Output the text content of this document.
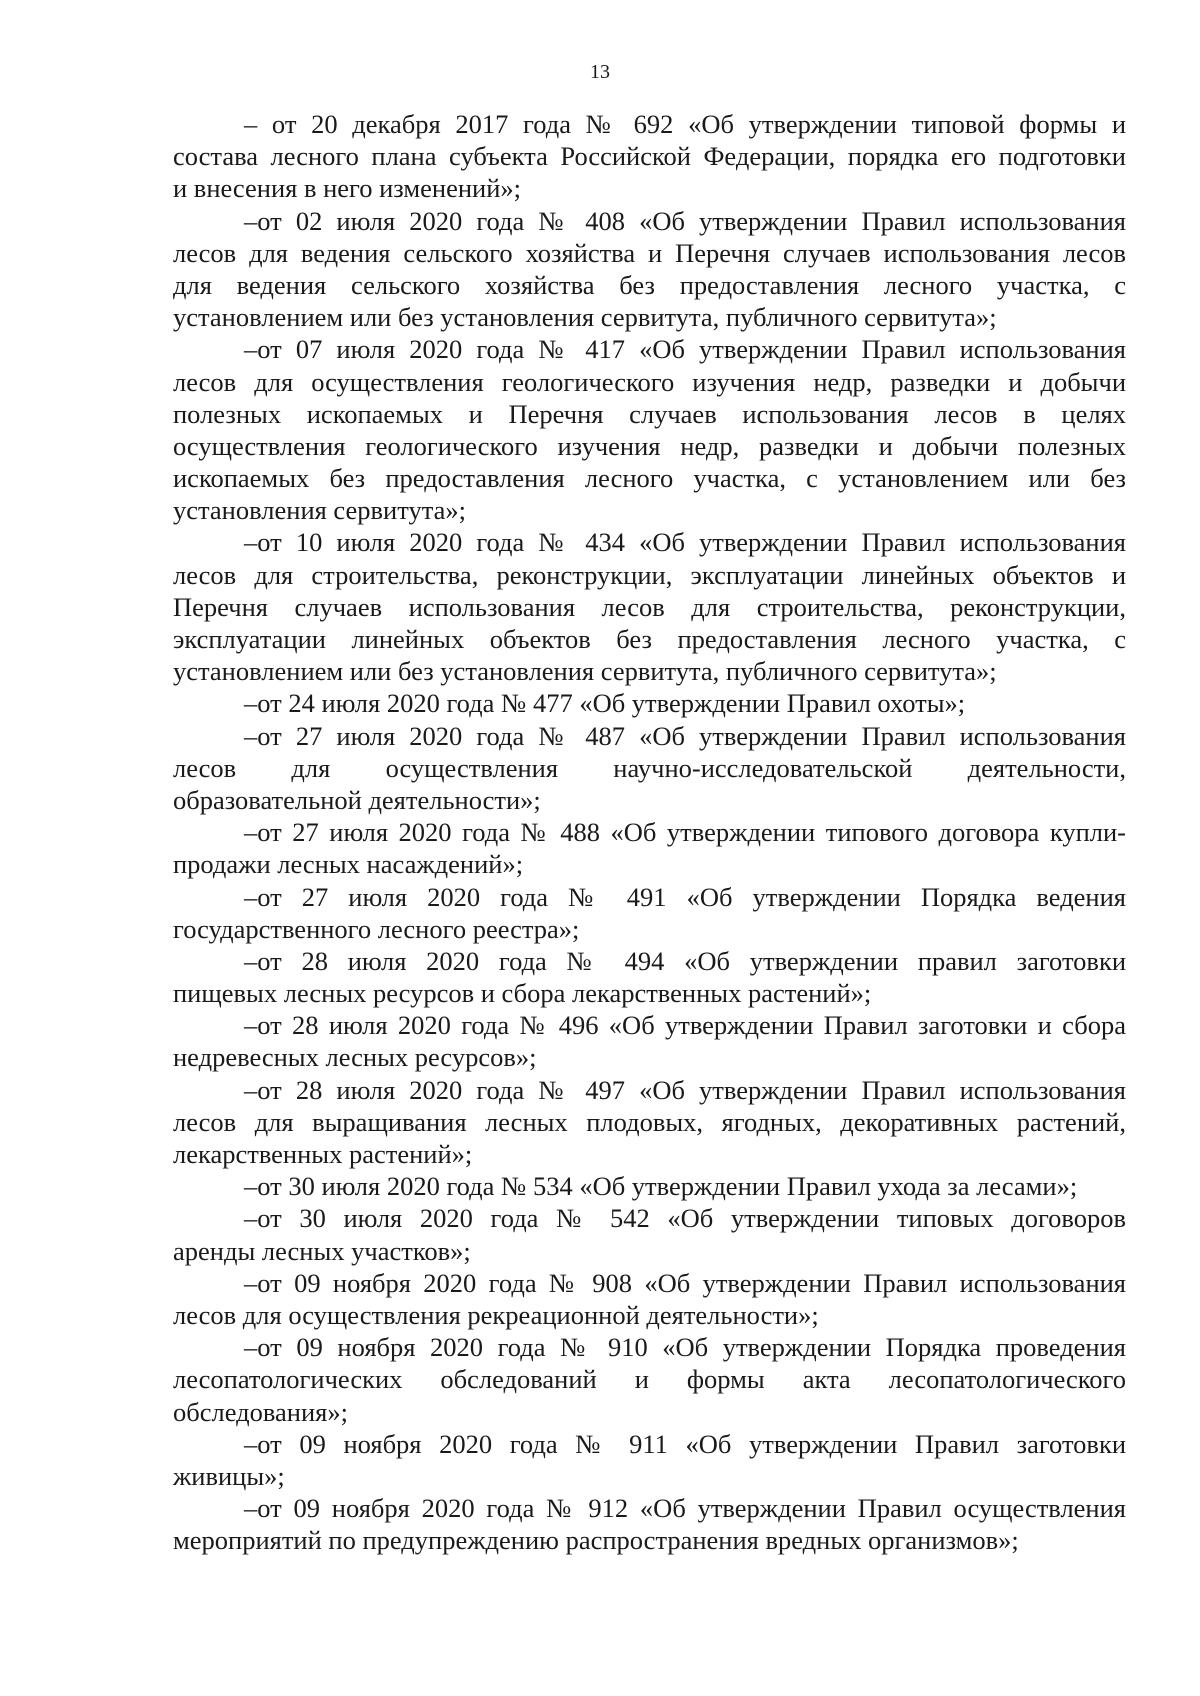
13
– от 20 декабря 2017 года № 692 «Об утверждении типовой формы и
состава лесного плана субъекта Российской Федерации, порядка его подготовки
и внесения в него изменений»;
–от 02 июля 2020 года № 408 «Об утверждении Правил использования
лесов для ведения сельского хозяйства и Перечня случаев использования лесов
для ведения сельского хозяйства без предоставления лесного участка, с
установлением или без установления сервитута, публичного сервитута»;
–от 07 июля 2020 года № 417 «Об утверждении Правил использования
лесов для осуществления геологического изучения недр, разведки и добычи
полезных ископаемых и Перечня случаев использования лесов в целях
осуществления геологического изучения недр, разведки и добычи полезных
ископаемых без предоставления лесного участка, с установлением или без
установления сервитута»;
–от 10 июля 2020 года № 434 «Об утверждении Правил использования
лесов для строительства, реконструкции, эксплуатации линейных объектов и
Перечня случаев использования лесов для строительства, реконструкции,
эксплуатации линейных объектов без предоставления лесного участка, с
установлением или без установления сервитута, публичного сервитута»;
–от 24 июля 2020 года № 477 «Об утверждении Правил охоты»;
–от 27 июля 2020 года № 487 «Об утверждении Правил использования
лесов для осуществления научно-исследовательской деятельности,
образовательной деятельности»;
–от 27 июля 2020 года № 488 «Об утверждении типового договора купли-
продажи лесных насаждений»;
–от 27 июля 2020 года № 491 «Об утверждении Порядка ведения
государственного лесного реестра»;
–от 28 июля 2020 года № 494 «Об утверждении правил заготовки
пищевых лесных ресурсов и сбора лекарственных растений»;
–от 28 июля 2020 года № 496 «Об утверждении Правил заготовки и сбора
недревесных лесных ресурсов»;
–от 28 июля 2020 года № 497 «Об утверждении Правил использования
лесов для выращивания лесных плодовых, ягодных, декоративных растений,
лекарственных растений»;
–от 30 июля 2020 года № 534 «Об утверждении Правил ухода за лесами»;
–от 30 июля 2020 года № 542 «Об утверждении типовых договоров
аренды лесных участков»;
–от 09 ноября 2020 года № 908 «Об утверждении Правил использования
лесов для осуществления рекреационной деятельности»;
–от 09 ноября 2020 года № 910 «Об утверждении Порядка проведения
лесопатологических обследований и формы акта лесопатологического
обследования»;
–от 09 ноября 2020 года № 911 «Об утверждении Правил заготовки
живицы»;
–от 09 ноября 2020 года № 912 «Об утверждении Правил осуществления
мероприятий по предупреждению распространения вредных организмов»;
